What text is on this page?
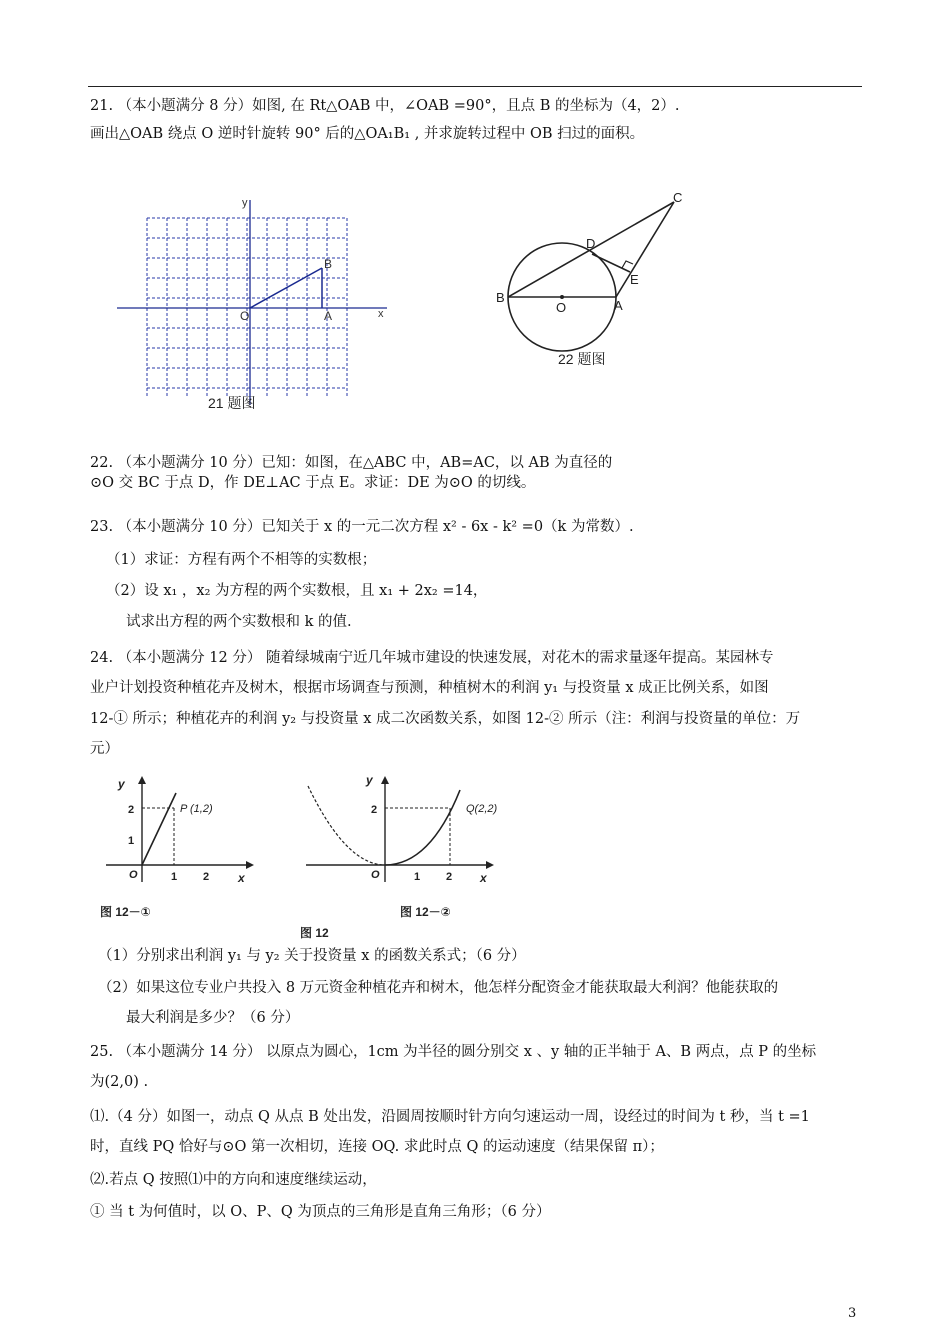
21. （本小题满分 8 分）如图, 在 Rt△OAB 中，∠OAB =90°，且点 B 的坐标为（4，2）.
画出△OAB 绕点 O 逆时针旋转 90° 后的△OA₁B₁ , 并求旋转过程中 OB 扫过的面积。
y
x
O	A
B
21 题图
B
O	A
C
D
E
22 题图
22. （本小题满分 10 分）已知：如图，在△ABC 中，AB=AC，以 AB 为直径的
⊙O 交 BC 于点 D，作 DE⊥AC 于点 E。求证：DE 为⊙O 的切线。
23. （本小题满分 10 分）已知关于 x 的一元二次方程 x² - 6x - k² =0（k 为常数）.
（1）求证：方程有两个不相等的实数根；
（2）设 x₁ ，x₂ 为方程的两个实数根，且 x₁ + 2x₂ =14，
试求出方程的两个实数根和 k 的值.
24. （本小题满分 12 分） 随着绿城南宁近几年城市建设的快速发展，对花木的需求量逐年提高。某园林专
业户计划投资种植花卉及树木，根据市场调查与预测，种植树木的利润 y₁ 与投资量 x 成正比例关系，如图
12-① 所示；种植花卉的利润 y₂ 与投资量 x 成二次函数关系，如图 12-② 所示（注：利润与投资量的单位：万
元）
y
x
O
1
2
1 2
P (1,2)
图 12－①
y
x
O
2
1 2
Q(2,2)
图 12－②
图 12
（1）分别求出利润 y₁ 与 y₂ 关于投资量 x 的函数关系式；（6 分）
（2）如果这位专业户共投入 8 万元资金种植花卉和树木，他怎样分配资金才能获取最大利润？他能获取的
最大利润是多少？（6 分）
25. （本小题满分 14 分） 以原点为圆心，1cm 为半径的圆分别交 x 、y 轴的正半轴于 A、B 两点，点 P 的坐标
为(2,0) .
⑴.（4 分）如图一，动点 Q 从点 B 处出发，沿圆周按顺时针方向匀速运动一周，设经过的时间为 t 秒，当 t =1
时，直线 PQ 恰好与⊙O 第一次相切，连接 OQ. 求此时点 Q 的运动速度（结果保留 π）；
⑵.若点 Q 按照⑴中的方向和速度继续运动，
① 当 t 为何值时，以 O、P、Q 为顶点的三角形是直角三角形；（6 分）
3
